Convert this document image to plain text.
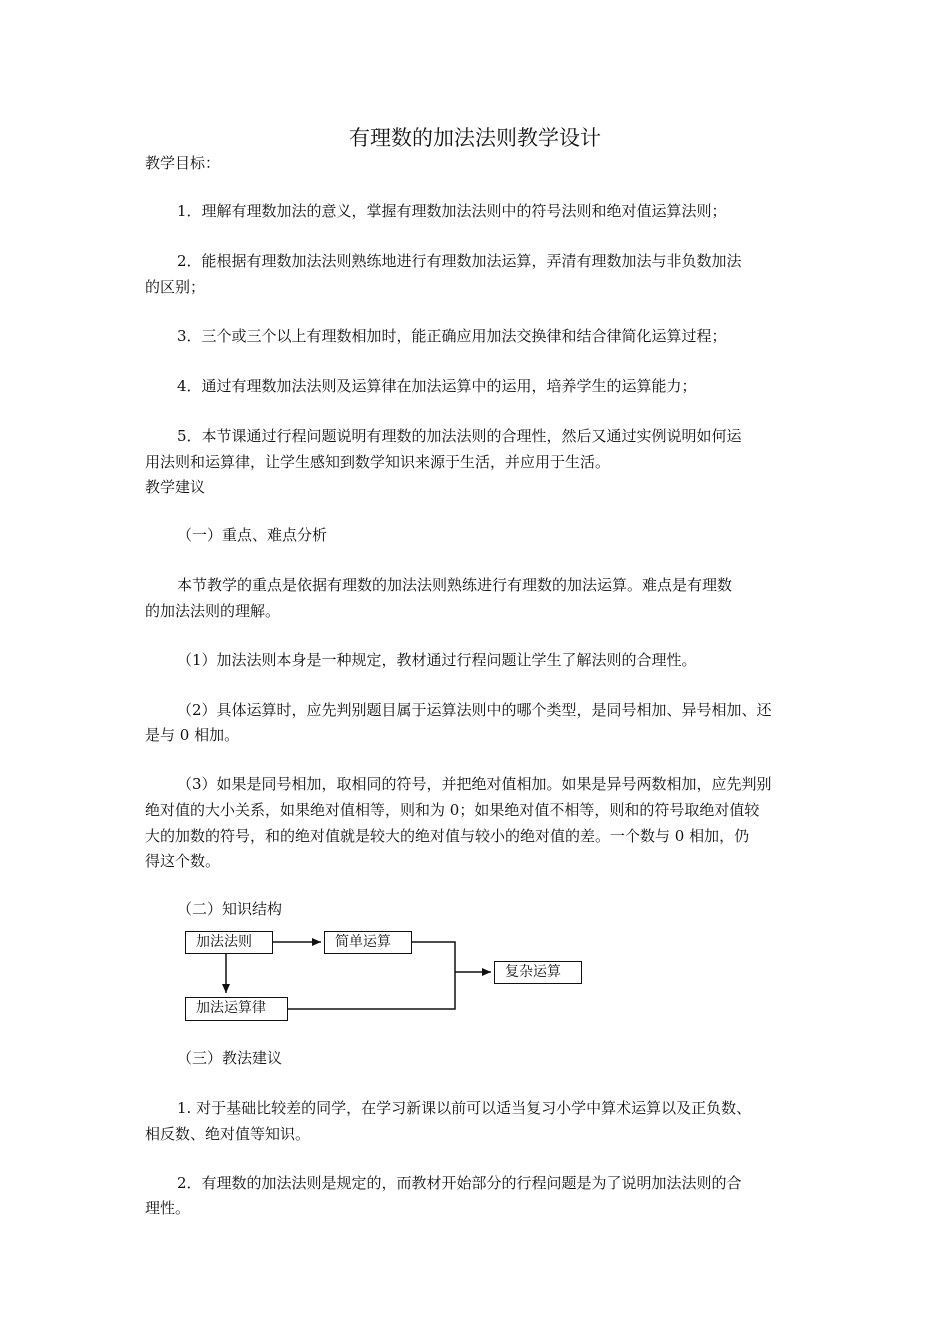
有理数的加法法则教学设计
教学目标：
1．理解有理数加法的意义，掌握有理数加法法则中的符号法则和绝对值运算法则；
2．能根据有理数加法法则熟练地进行有理数加法运算，弄清有理数加法与非负数加法
的区别；
3．三个或三个以上有理数相加时，能正确应用加法交换律和结合律简化运算过程；
4．通过有理数加法法则及运算律在加法运算中的运用，培养学生的运算能力；
5．本节课通过行程问题说明有理数的加法法则的合理性，然后又通过实例说明如何运
用法则和运算律，让学生感知到数学知识来源于生活，并应用于生活。
教学建议
（一）重点、难点分析
本节教学的重点是依据有理数的加法法则熟练进行有理数的加法运算。难点是有理数
的加法法则的理解。
（1）加法法则本身是一种规定，教材通过行程问题让学生了解法则的合理性。
（2）具体运算时，应先判别题目属于运算法则中的哪个类型，是同号相加、异号相加、还
是与 0 相加。
（3）如果是同号相加，取相同的符号，并把绝对值相加。如果是异号两数相加，应先判别
绝对值的大小关系，如果绝对值相等，则和为 0；如果绝对值不相等，则和的符号取绝对值较
大的加数的符号，和的绝对值就是较大的绝对值与较小的绝对值的差。一个数与 0 相加，仍
得这个数。
（二）知识结构
加法法则	简单运算
复杂运算
加法运算律
（三）教法建议
1. 对于基础比较差的同学，在学习新课以前可以适当复习小学中算术运算以及正负数、
相反数、绝对值等知识。
2．有理数的加法法则是规定的，而教材开始部分的行程问题是为了说明加法法则的合
理性。
